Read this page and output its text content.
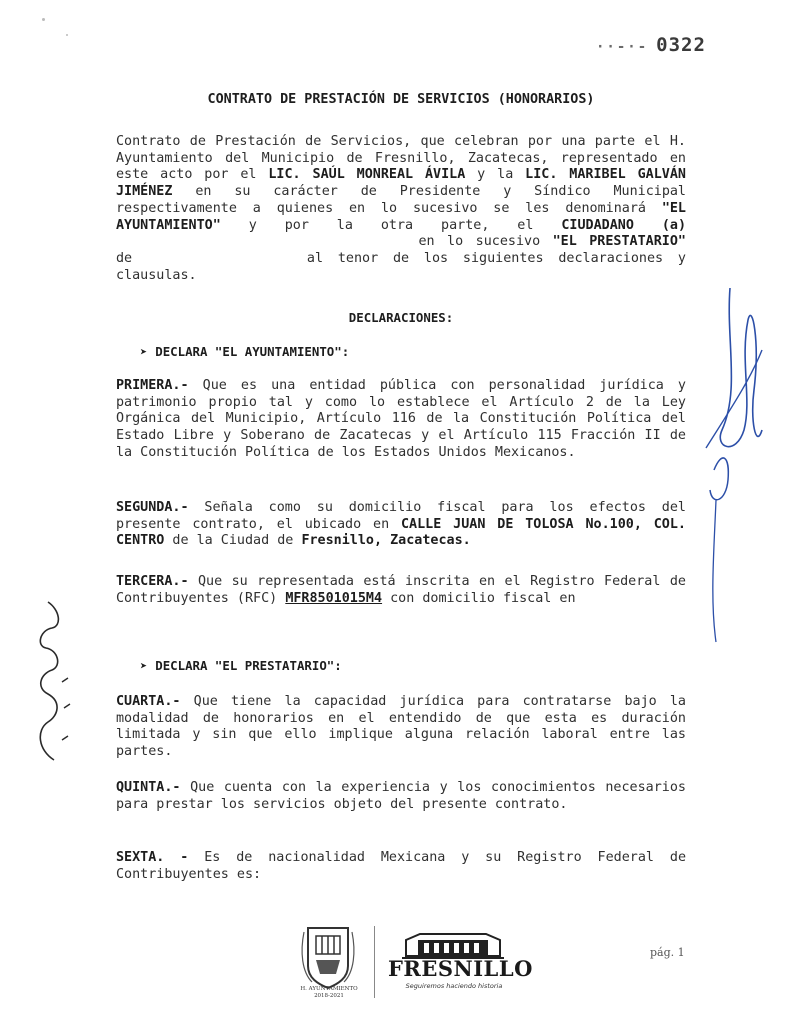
··-·- 0322
CONTRATO DE PRESTACIÓN DE SERVICIOS (HONORARIOS)
Contrato de Prestación de Servicios, que celebran por una parte el H. Ayuntamiento del Municipio de Fresnillo, Zacatecas, representado en este acto por el LIC. SAÚL MONREAL ÁVILA y la LIC. MARIBEL GALVÁN JIMÉNEZ en su carácter de Presidente y Síndico Municipal respectivamente a quienes en lo sucesivo se les denominará "EL AYUNTAMIENTO" y por la otra parte, el CIUDADANO (a) en lo sucesivo "EL PRESTATARIO" de	al tenor de los siguientes declaraciones y clausulas.
DECLARACIONES:
➤ DECLARA "EL AYUNTAMIENTO":
PRIMERA.- Que es una entidad pública con personalidad jurídica y patrimonio propio tal y como lo establece el Artículo 2 de la Ley Orgánica del Municipio, Artículo 116 de la Constitución Política del Estado Libre y Soberano de Zacatecas y el Artículo 115 Fracción II de la Constitución Política de los Estados Unidos Mexicanos.
SEGUNDA.- Señala como su domicilio fiscal para los efectos del presente contrato, el ubicado en CALLE JUAN DE TOLOSA No.100, COL. CENTRO de la Ciudad de Fresnillo, Zacatecas.
TERCERA.- Que su representada está inscrita en el Registro Federal de Contribuyentes (RFC) MFR8501015M4 con domicilio fiscal en
➤ DECLARA "EL PRESTATARIO":
CUARTA.- Que tiene la capacidad jurídica para contratarse bajo la modalidad de honorarios en el entendido de que esta es duración limitada y sin que ello implique alguna relación laboral entre las partes.
QUINTA.- Que cuenta con la experiencia y los conocimientos necesarios para prestar los servicios objeto del presente contrato.
SEXTA. - Es de nacionalidad Mexicana y su Registro Federal de Contribuyentes es:
H. AYUNTAMIENTO
2018-2021
FRESNILLO
Seguiremos haciendo historia
pág. 1
